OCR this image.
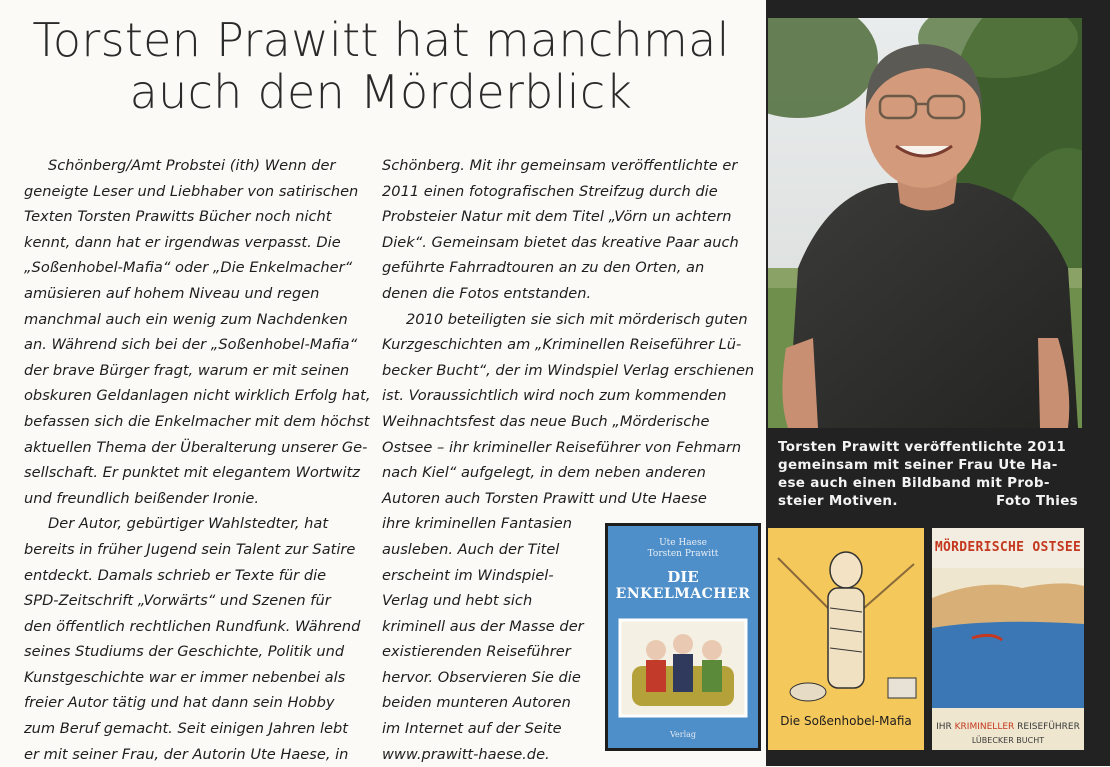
Torsten Prawitt hat manchmal
auch den Mörderblick
Schönberg/Amt Probstei (ith) Wenn der
geneigte Leser und Liebhaber von satirischen
Texten Torsten Prawitts Bücher noch nicht
kennt, dann hat er irgendwas verpasst. Die
„Soßenhobel-Mafia“ oder „Die Enkelmacher“
amüsieren auf hohem Niveau und regen
manchmal auch ein wenig zum Nachdenken
an. Während sich bei der „Soßenhobel-Mafia“
der brave Bürger fragt, warum er mit seinen
obskuren Geldanlagen nicht wirklich Erfolg hat,
befassen sich die Enkelmacher mit dem höchst
aktuellen Thema der Überalterung unserer Ge-
sellschaft. Er punktet mit elegantem Wortwitz
und freundlich beißender Ironie.
Der Autor, gebürtiger Wahlstedter, hat
bereits in früher Jugend sein Talent zur Satire
entdeckt. Damals schrieb er Texte für die
SPD-Zeitschrift „Vorwärts“ und Szenen für
den öffentlich rechtlichen Rundfunk. Während
seines Studiums der Geschichte, Politik und
Kunstgeschichte war er immer nebenbei als
freier Autor tätig und hat dann sein Hobby
zum Beruf gemacht. Seit einigen Jahren lebt
er mit seiner Frau, der Autorin Ute Haese, in
Schönberg. Mit ihr gemeinsam veröffentlichte er
2011 einen fotografischen Streifzug durch die
Probsteier Natur mit dem Titel „Vörn un achtern
Diek“. Gemeinsam bietet das kreative Paar auch
geführte Fahrradtouren an zu den Orten, an
denen die Fotos entstanden.
2010 beteiligten sie sich mit mörderisch guten
Kurzgeschichten am „Kriminellen Reiseführer Lü-
becker Bucht“, der im Windspiel Verlag erschienen
ist. Voraussichtlich wird noch zum kommenden
Weihnachtsfest das neue Buch „Mörderische
Ostsee – ihr krimineller Reiseführer von Fehmarn
nach Kiel“ aufgelegt, in dem neben anderen
Autoren auch Torsten Prawitt und Ute Haese
ihre kriminellen Fantasien
ausleben. Auch der Titel
erscheint im Windspiel-
Verlag und hebt sich
kriminell aus der Masse der
existierenden Reiseführer
hervor. Observieren Sie die
beiden munteren Autoren
im Internet auf der Seite
www.prawitt-haese.de.
Torsten Prawitt veröffentlichte 2011
gemeinsam mit seiner Frau Ute Ha-
ese auch einen Bildband mit Prob-
steier Motiven.	Foto Thies
Ute Haese
Torsten Prawitt
DIE
ENKELMACHER
Verlag
Die Soßenhobel-Mafia
MÖRDERISCHE OSTSEE
IHR KRIMINELLER REISEFÜHRER
LÜBECKER BUCHT
